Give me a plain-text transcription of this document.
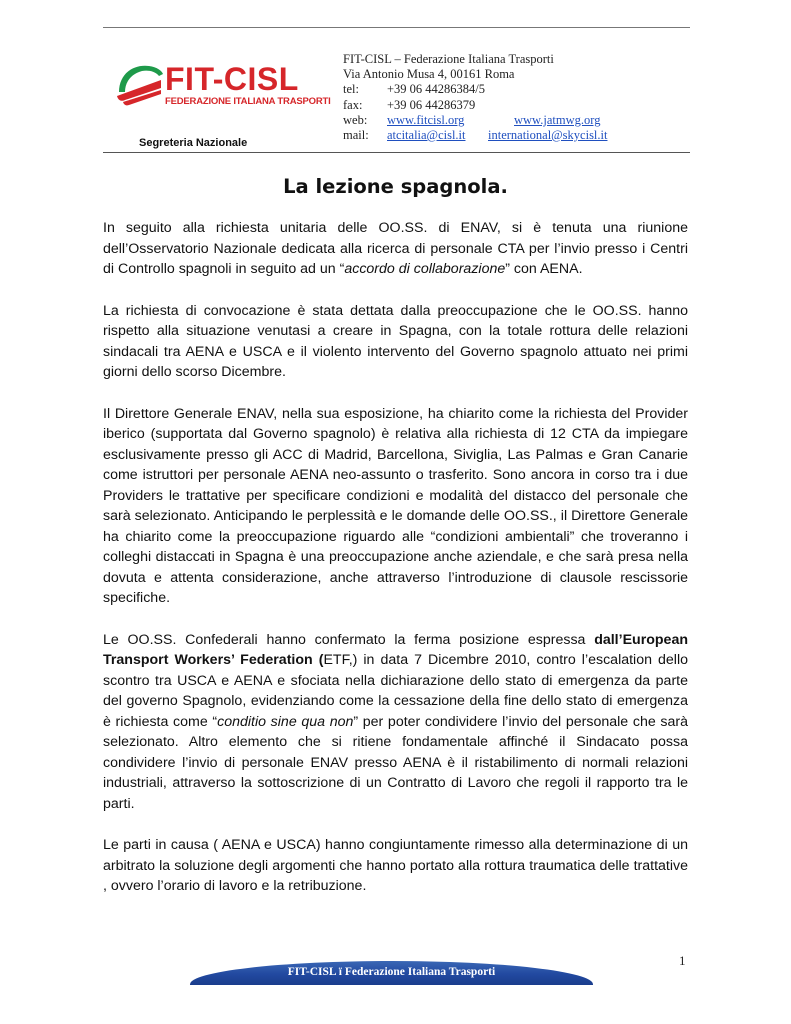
FIT-CISL
FEDERAZIONE ITALIANA TRASPORTI
Segreteria Nazionale
FIT-CISL – Federazione Italiana Trasporti
Via Antonio Musa 4, 00161 Roma
tel: +39 06 44286384/5
fax: +39 06 44286379
web: www.fitcisl.org	www.jatmwg.org
mail: atcitalia@cisl.it international@skycisl.it
La lezione spagnola.

In seguito alla richiesta unitaria delle OO.SS. di ENAV, si è tenuta una riunione dell’Osservatorio Nazionale dedicata alla ricerca di personale CTA per l’invio presso i Centri di Controllo spagnoli in seguito ad un “accordo di collaborazione” con AENA.

La richiesta di convocazione è stata dettata dalla preoccupazione che le OO.SS. hanno rispetto alla situazione venutasi a creare in Spagna, con la totale rottura delle relazioni sindacali tra AENA e USCA e il violento intervento del Governo spagnolo attuato nei primi giorni dello scorso Dicembre.

Il Direttore Generale ENAV, nella sua esposizione, ha chiarito come la richiesta del Provider iberico (supportata dal Governo spagnolo) è relativa alla richiesta di 12 CTA da impiegare esclusivamente presso gli ACC di Madrid, Barcellona, Siviglia, Las Palmas e Gran Canarie come istruttori per personale AENA neo-assunto o trasferito. Sono ancora in corso tra i due Providers le trattative per specificare condizioni e modalità del distacco del personale che sarà selezionato. Anticipando le perplessità e le domande delle OO.SS., il Direttore Generale ha chiarito come la preoccupazione riguardo alle “condizioni ambientali” che troveranno i colleghi distaccati in Spagna è una preoccupazione anche aziendale, e che sarà presa nella dovuta e attenta considerazione, anche attraverso l’introduzione di clausole rescissorie specifiche.

Le OO.SS. Confederali hanno confermato la ferma posizione espressa dall’European Transport Workers’ Federation (ETF,) in data 7 Dicembre 2010, contro l’escalation dello scontro tra USCA e AENA e sfociata nella dichiarazione dello stato di emergenza da parte del governo Spagnolo, evidenziando come la cessazione della fine dello stato di emergenza è richiesta come “conditio sine qua non” per poter condividere l’invio del personale che sarà selezionato. Altro elemento che si ritiene fondamentale affinché il Sindacato possa condividere l’invio di personale ENAV presso AENA è il ristabilimento di normali relazioni industriali, attraverso la sottoscrizione di un Contratto di Lavoro che regoli il rapporto tra le parti.

Le parti in causa ( AENA e USCA) hanno congiuntamente rimesso alla determinazione di un arbitrato la soluzione degli argomenti che hanno portato alla rottura traumatica delle trattative , ovvero l’orario di lavoro e la retribuzione.

1
FIT-CISL ï Federazione Italiana Trasporti
